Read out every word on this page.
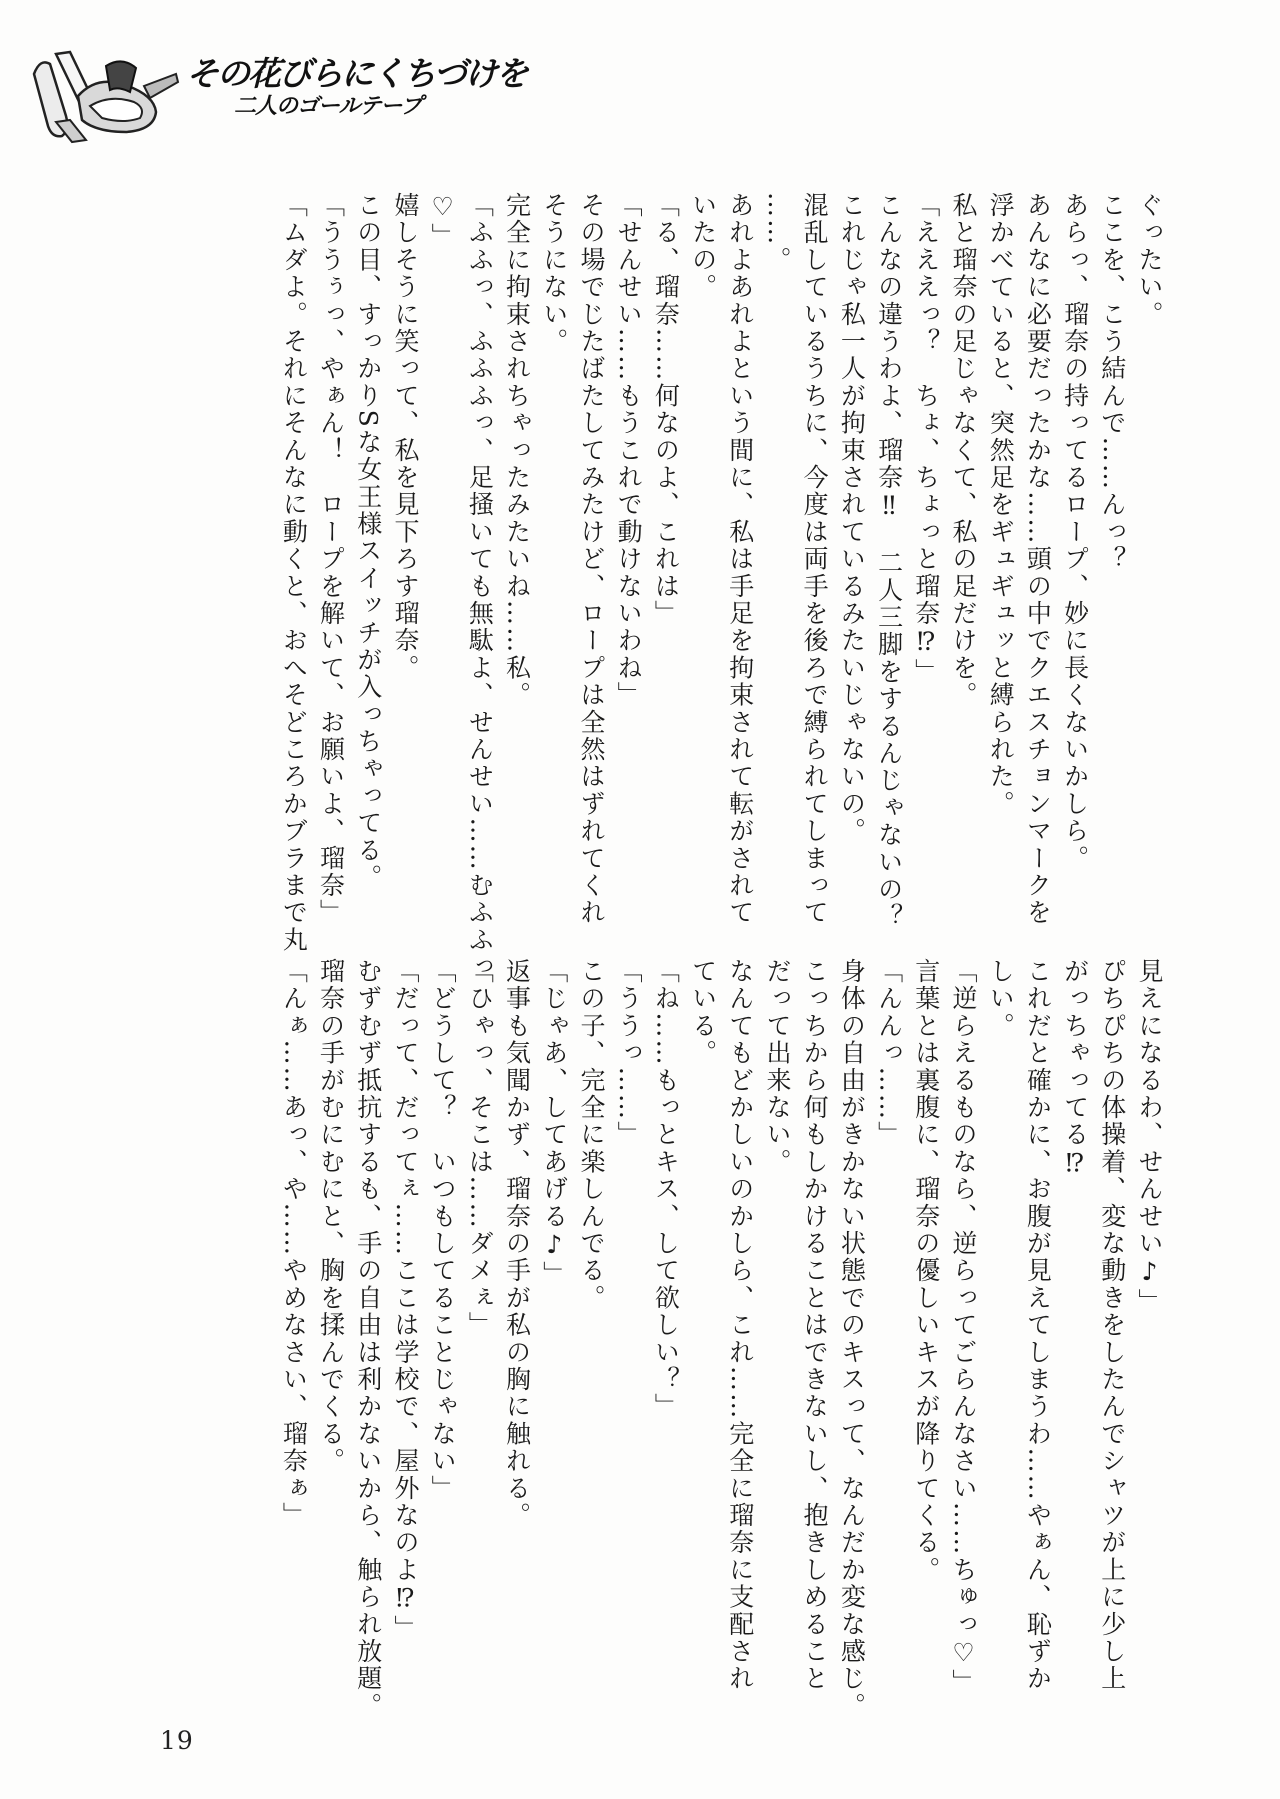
その花びらにくちづけを
二人のゴールテープ
ぐったい。
ここを、こう結んで……んっ？
あらっ、瑠奈の持ってるロープ、妙に長くないかしら。
あんなに必要だったかな……頭の中でクエスチョンマークを
浮かべていると、突然足をギュギュッと縛られた。
私と瑠奈の足じゃなくて、私の足だけを。
「えええっ？　ちょ、ちょっと瑠奈⁉」
こんなの違うわよ、瑠奈‼　二人三脚をするんじゃないの？
これじゃ私一人が拘束されているみたいじゃないの。
混乱しているうちに、今度は両手を後ろで縛られてしまって
……。
あれよあれよという間に、私は手足を拘束されて転がされて
いたの。
「る、瑠奈……何なのよ、これは」
「せんせい……もうこれで動けないわね」
その場でじたばたしてみたけど、ロープは全然はずれてくれ
そうにない。
完全に拘束されちゃったみたいね……私。
「ふふっ、ふふふっ、足掻いても無駄よ、せんせい……むふふっ
♡」
嬉しそうに笑って、私を見下ろす瑠奈。
この目、すっかりSな女王様スイッチが入っちゃってる。
「ううぅっ、やぁん！　ロープを解いて、お願いよ、瑠奈」
「ムダよ。それにそんなに動くと、おへそどころかブラまで丸
見えになるわ、せんせい♪」
ぴちぴちの体操着、変な動きをしたんでシャツが上に少し上
がっちゃってる⁉
これだと確かに、お腹が見えてしまうわ……やぁん、恥ずか
しい。
「逆らえるものなら、逆らってごらんなさい……ちゅっ♡」
言葉とは裏腹に、瑠奈の優しいキスが降りてくる。
「んんっ……」
身体の自由がきかない状態でのキスって、なんだか変な感じ。
こっちから何もしかけることはできないし、抱きしめること
だって出来ない。
なんてもどかしいのかしら、これ……完全に瑠奈に支配され
ている。
「ね……もっとキス、して欲しい？」
「ううっ……」
この子、完全に楽しんでる。
「じゃあ、してあげる♪」
返事も気聞かず、瑠奈の手が私の胸に触れる。
「ひゃっ、そこは……ダメぇ」
「どうして？　いつもしてることじゃない」
「だって、だってぇ……ここは学校で、屋外なのよ⁉」
むずむず抵抗するも、手の自由は利かないから、触られ放題。
瑠奈の手がむにむにと、胸を揉んでくる。
「んぁ……あっ、や……やめなさい、瑠奈ぁ」
19
